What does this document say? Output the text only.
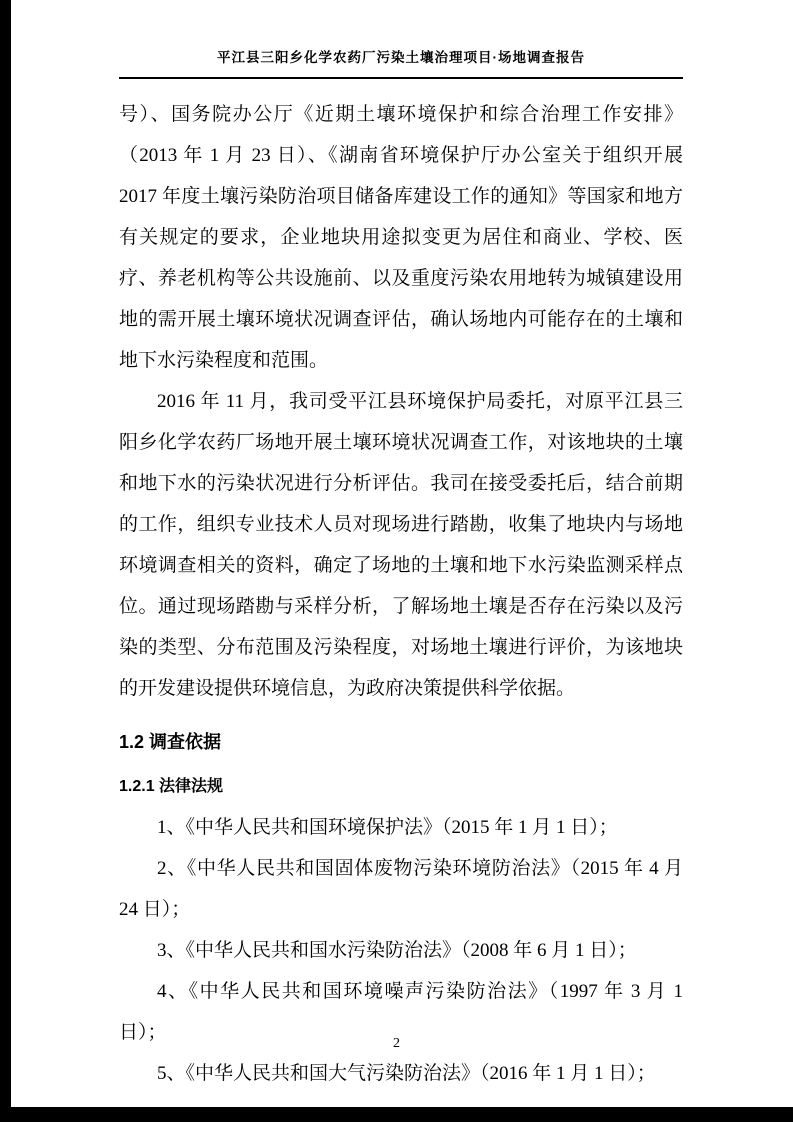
平江县三阳乡化学农药厂污染土壤治理项目·场地调查报告

号）、国务院办公厅《近期土壤环境保护和综合治理工作安排》（2013 年 1 月 23 日）、《湖南省环境保护厅办公室关于组织开展 2017 年度土壤污染防治项目储备库建设工作的通知》等国家和地方有关规定的要求，企业地块用途拟变更为居住和商业、学校、医疗、养老机构等公共设施前、以及重度污染农用地转为城镇建设用地的需开展土壤环境状况调查评估，确认场地内可能存在的土壤和地下水污染程度和范围。

2016 年 11 月，我司受平江县环境保护局委托，对原平江县三阳乡化学农药厂场地开展土壤环境状况调查工作，对该地块的土壤和地下水的污染状况进行分析评估。我司在接受委托后，结合前期的工作，组织专业技术人员对现场进行踏勘，收集了地块内与场地环境调查相关的资料，确定了场地的土壤和地下水污染监测采样点位。通过现场踏勘与采样分析，了解场地土壤是否存在污染以及污染的类型、分布范围及污染程度，对场地土壤进行评价，为该地块的开发建设提供环境信息，为政府决策提供科学依据。

1.2 调查依据
1.2.1 法律法规

1、《中华人民共和国环境保护法》（2015 年 1 月 1 日）；

2、《中华人民共和国固体废物污染环境防治法》（2015 年 4 月 24 日）；

3、《中华人民共和国水污染防治法》（2008 年 6 月 1 日）；

4、《中华人民共和国环境噪声污染防治法》（1997 年 3 月 1 日）；

5、《中华人民共和国大气污染防治法》（2016 年 1 月 1 日）；

2
